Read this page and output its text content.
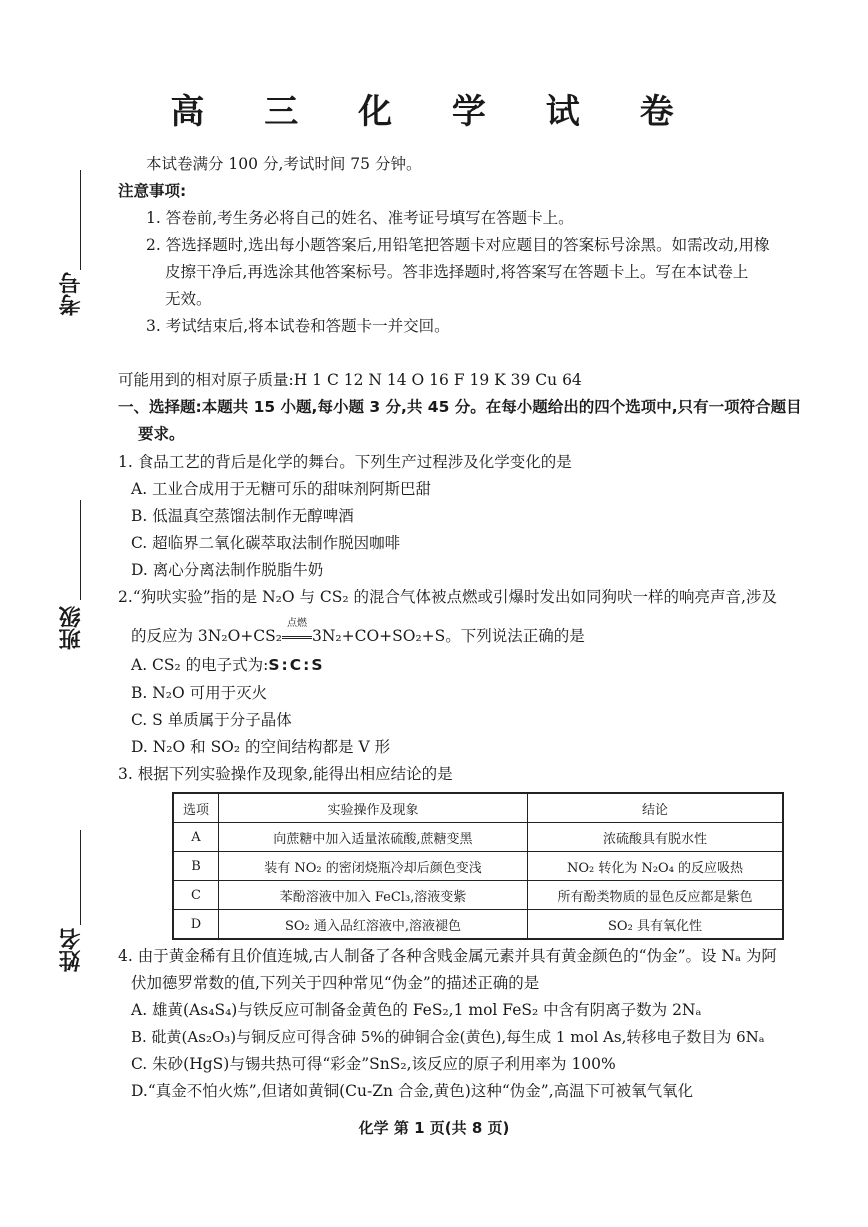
考号
班级
姓名
高 三 化 学 试 卷
本试卷满分 100 分,考试时间 75 分钟。
注意事项:
1. 答卷前,考生务必将自己的姓名、准考证号填写在答题卡上。
2. 答选择题时,选出每小题答案后,用铅笔把答题卡对应题目的答案标号涂黑。如需改动,用橡
皮擦干净后,再选涂其他答案标号。答非选择题时,将答案写在答题卡上。写在本试卷上
无效。
3. 考试结束后,将本试卷和答题卡一并交回。
可能用到的相对原子质量:H 1 C 12 N 14 O 16 F 19 K 39 Cu 64
一、选择题:本题共 15 小题,每小题 3 分,共 45 分。在每小题给出的四个选项中,只有一项符合题目
要求。
1. 食品工艺的背后是化学的舞台。下列生产过程涉及化学变化的是
A. 工业合成用于无糖可乐的甜味剂阿斯巴甜
B. 低温真空蒸馏法制作无醇啤酒
C. 超临界二氧化碳萃取法制作脱因咖啡
D. 离心分离法制作脱脂牛奶
2.“狗吠实验”指的是 N₂O 与 CS₂ 的混合气体被点燃或引爆时发出如同狗吠一样的响亮声音,涉及
的反应为 3N₂O+CS₂
点燃
3N₂+CO+SO₂+S。下列说法正确的是
A. CS₂ 的电子式为:S:C:S
B. N₂O 可用于灭火
C. S 单质属于分子晶体
D. N₂O 和 SO₂ 的空间结构都是 V 形
3. 根据下列实验操作及现象,能得出相应结论的是
选项	实验操作及现象	结论
A	向蔗糖中加入适量浓硫酸,蔗糖变黑	浓硫酸具有脱水性
B	装有 NO₂ 的密闭烧瓶冷却后颜色变浅	NO₂ 转化为 N₂O₄ 的反应吸热
C	苯酚溶液中加入 FeCl₃,溶液变紫	所有酚类物质的显色反应都是紫色
D	SO₂ 通入品红溶液中,溶液褪色	SO₂ 具有氧化性
4. 由于黄金稀有且价值连城,古人制备了各种含贱金属元素并具有黄金颜色的“伪金”。设 Nₐ 为阿
伏加德罗常数的值,下列关于四种常见“伪金”的描述正确的是
A. 雄黄(As₄S₄)与铁反应可制备金黄色的 FeS₂,1 mol FeS₂ 中含有阴离子数为 2Nₐ
B. 砒黄(As₂O₃)与铜反应可得含砷 5%的砷铜合金(黄色),每生成 1 mol As,转移电子数目为 6Nₐ
C. 朱砂(HgS)与锡共热可得“彩金”SnS₂,该反应的原子利用率为 100%
D.“真金不怕火炼”,但诸如黄铜(Cu-Zn 合金,黄色)这种“伪金”,高温下可被氧气氧化
化学 第 1 页(共 8 页)
